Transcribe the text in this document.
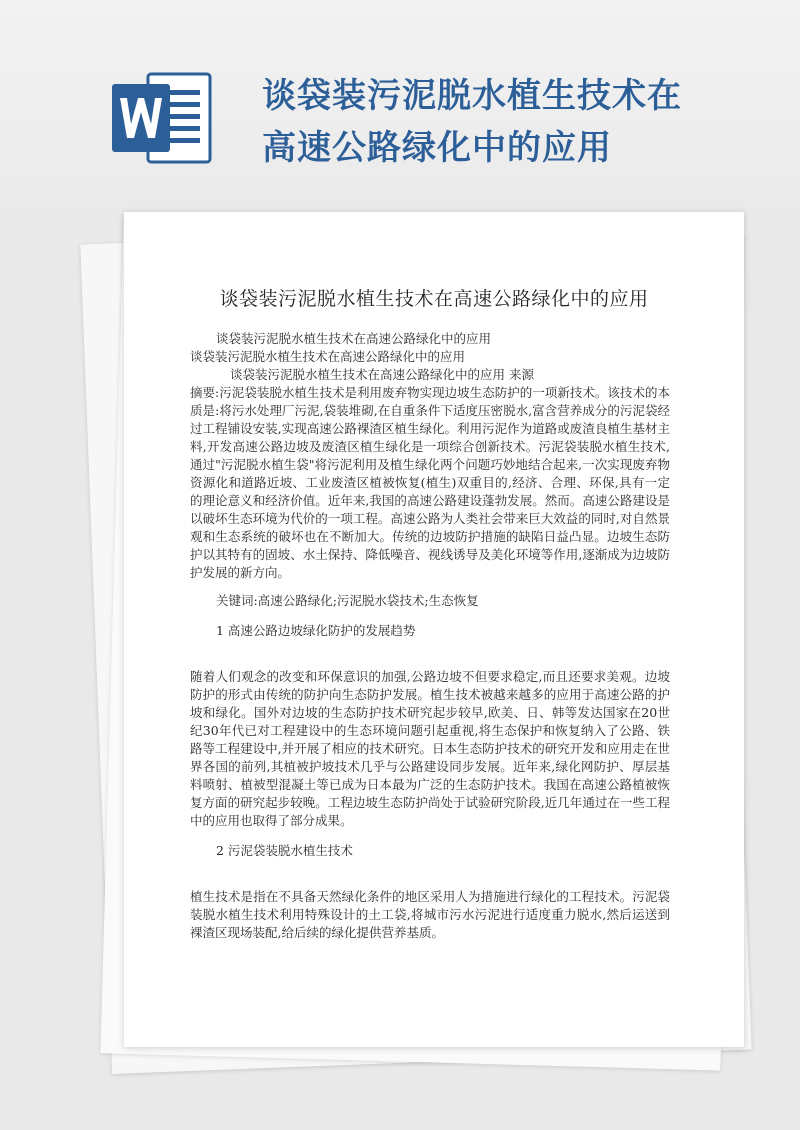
谈袋装污泥脱水植生技术在高速公路绿化中的应用
谈袋装污泥脱水植生技术在高速公路绿化中的应用

谈袋装污泥脱水植生技术在高速公路绿化中的应用

谈袋装污泥脱水植生技术在高速公路绿化中的应用

谈袋装污泥脱水植生技术在高速公路绿化中的应用 来源

摘要:污泥袋装脱水植生技术是利用废弃物实现边坡生态防护的一项新技术。该技术的本质是:将污水处理厂污泥,袋装堆砌,在自重条件下适度压密脱水,富含营养成分的污泥袋经过工程铺设安装,实现高速公路裸渣区植生绿化。利用污泥作为道路或废渣良植生基材主料,开发高速公路边坡及废渣区植生绿化是一项综合创新技术。污泥袋装脱水植生技术,通过"污泥脱水植生袋"将污泥利用及植生绿化两个问题巧妙地结合起来,一次实现废弃物资源化和道路近坡、工业废渣区植被恢复(植生)双重目的,经济、合理、环保,具有一定的理论意义和经济价值。近年来,我国的高速公路建设蓬勃发展。然而。高速公路建设是以破坏生态环境为代价的一项工程。高速公路为人类社会带来巨大效益的同时,对自然景观和生态系统的破坏也在不断加大。传统的边坡防护措施的缺陷日益凸显。边坡生态防护以其特有的固坡、水土保持、降低噪音、视线诱导及美化环境等作用,逐渐成为边坡防护发展的新方向。

关键词:高速公路绿化;污泥脱水袋技术;生态恢复

1 高速公路边坡绿化防护的发展趋势

随着人们观念的改变和环保意识的加强,公路边坡不但要求稳定,而且还要求美观。边坡防护的形式由传统的防护向生态防护发展。植生技术被越来越多的应用于高速公路的护坡和绿化。国外对边坡的生态防护技术研究起步较早,欧美、日、韩等发达国家在20世纪30年代已对工程建设中的生态环境问题引起重视,将生态保护和恢复纳入了公路、铁路等工程建设中,并开展了相应的技术研究。日本生态防护技术的研究开发和应用走在世界各国的前列,其植被护坡技术几乎与公路建设同步发展。近年来,绿化网防护、厚层基料喷射、植被型混凝土等已成为日本最为广泛的生态防护技术。我国在高速公路植被恢复方面的研究起步较晚。工程边坡生态防护尚处于试验研究阶段,近几年通过在一些工程中的应用也取得了部分成果。

2 污泥袋装脱水植生技术

植生技术是指在不具备天然绿化条件的地区采用人为措施进行绿化的工程技术。污泥袋装脱水植生技术利用特殊设计的土工袋,将城市污水污泥进行适度重力脱水,然后运送到裸渣区现场装配,给后续的绿化提供营养基质。
